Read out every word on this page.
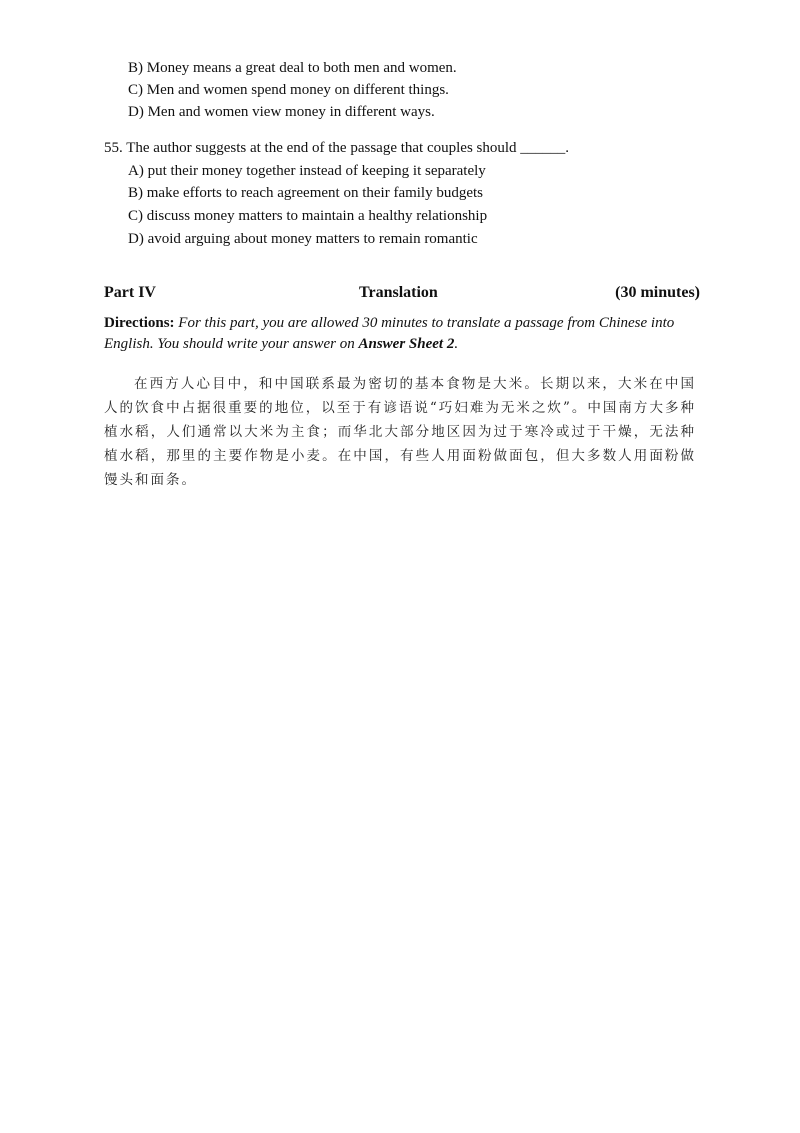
B) Money means a great deal to both men and women.
C) Men and women spend money on different things.
D) Men and women view money in different ways.
55. The author suggests at the end of the passage that couples should ______.
A) put their money together instead of keeping it separately
B) make efforts to reach agreement on their family budgets
C) discuss money matters to maintain a healthy relationship
D) avoid arguing about money matters to remain romantic
Part IV	Translation	(30 minutes)
Directions: For this part, you are allowed 30 minutes to translate a passage from Chinese into English. You should write your answer on Answer Sheet 2.
在西方人心目中，和中国联系最为密切的基本食物是大米。长期以来，大米在中国人的饮食中占据很重要的地位，以至于有谚语说“巧妇难为无米之炊”。中国南方大多种植水稻，人们通常以大米为主食；而华北大部分地区因为过于寒冷或过于干燥，无法种植水稻，那里的主要作物是小麦。在中国，有些人用面粉做面包，但大多数人用面粉做馒头和面条。
